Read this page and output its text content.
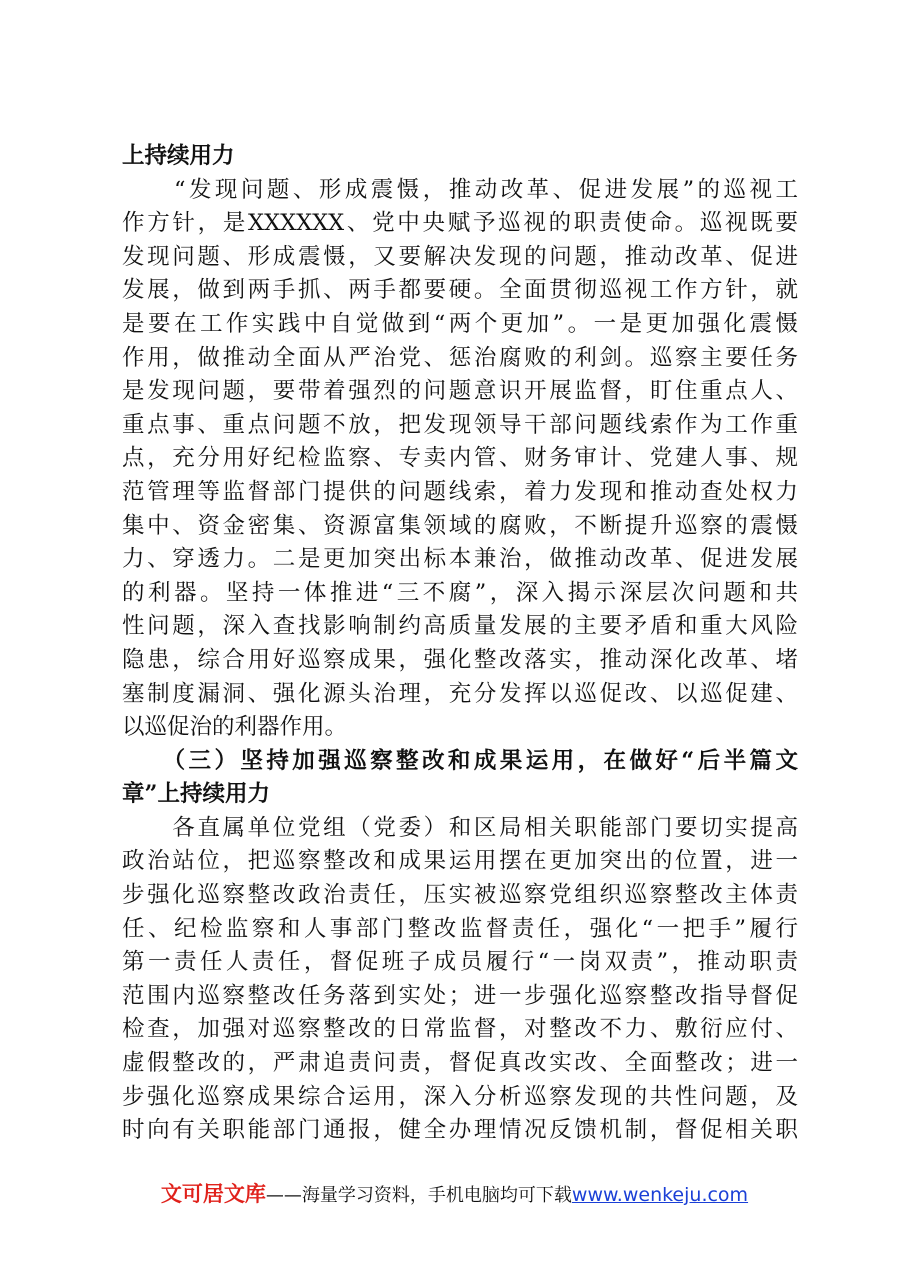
上持续用力
　　“发现问题、形成震慑，推动改革、促进发展”的巡视工
作方针，是XXXXXX、党中央赋予巡视的职责使命。巡视既要
发现问题、形成震慑，又要解决发现的问题，推动改革、促进
发展，做到两手抓、两手都要硬。全面贯彻巡视工作方针，就
是要在工作实践中自觉做到“两个更加”。一是更加强化震慑
作用，做推动全面从严治党、惩治腐败的利剑。巡察主要任务
是发现问题，要带着强烈的问题意识开展监督，盯住重点人、
重点事、重点问题不放，把发现领导干部问题线索作为工作重
点，充分用好纪检监察、专卖内管、财务审计、党建人事、规
范管理等监督部门提供的问题线索，着力发现和推动查处权力
集中、资金密集、资源富集领域的腐败，不断提升巡察的震慑
力、穿透力。二是更加突出标本兼治，做推动改革、促进发展
的利器。坚持一体推进“三不腐”，深入揭示深层次问题和共
性问题，深入查找影响制约高质量发展的主要矛盾和重大风险
隐患，综合用好巡察成果，强化整改落实，推动深化改革、堵
塞制度漏洞、强化源头治理，充分发挥以巡促改、以巡促建、
以巡促治的利器作用。
　　（三）坚持加强巡察整改和成果运用，在做好“后半篇文
章”上持续用力
　　各直属单位党组（党委）和区局相关职能部门要切实提高
政治站位，把巡察整改和成果运用摆在更加突出的位置，进一
步强化巡察整改政治责任，压实被巡察党组织巡察整改主体责
任、纪检监察和人事部门整改监督责任，强化“一把手”履行
第一责任人责任，督促班子成员履行“一岗双责”，推动职责
范围内巡察整改任务落到实处；进一步强化巡察整改指导督促
检查，加强对巡察整改的日常监督，对整改不力、敷衍应付、
虚假整改的，严肃追责问责，督促真改实改、全面整改；进一
步强化巡察成果综合运用，深入分析巡察发现的共性问题，及
时向有关职能部门通报，健全办理情况反馈机制，督促相关职
文可居文库——海量学习资料，手机电脑均可下载www.wenkeju.com
